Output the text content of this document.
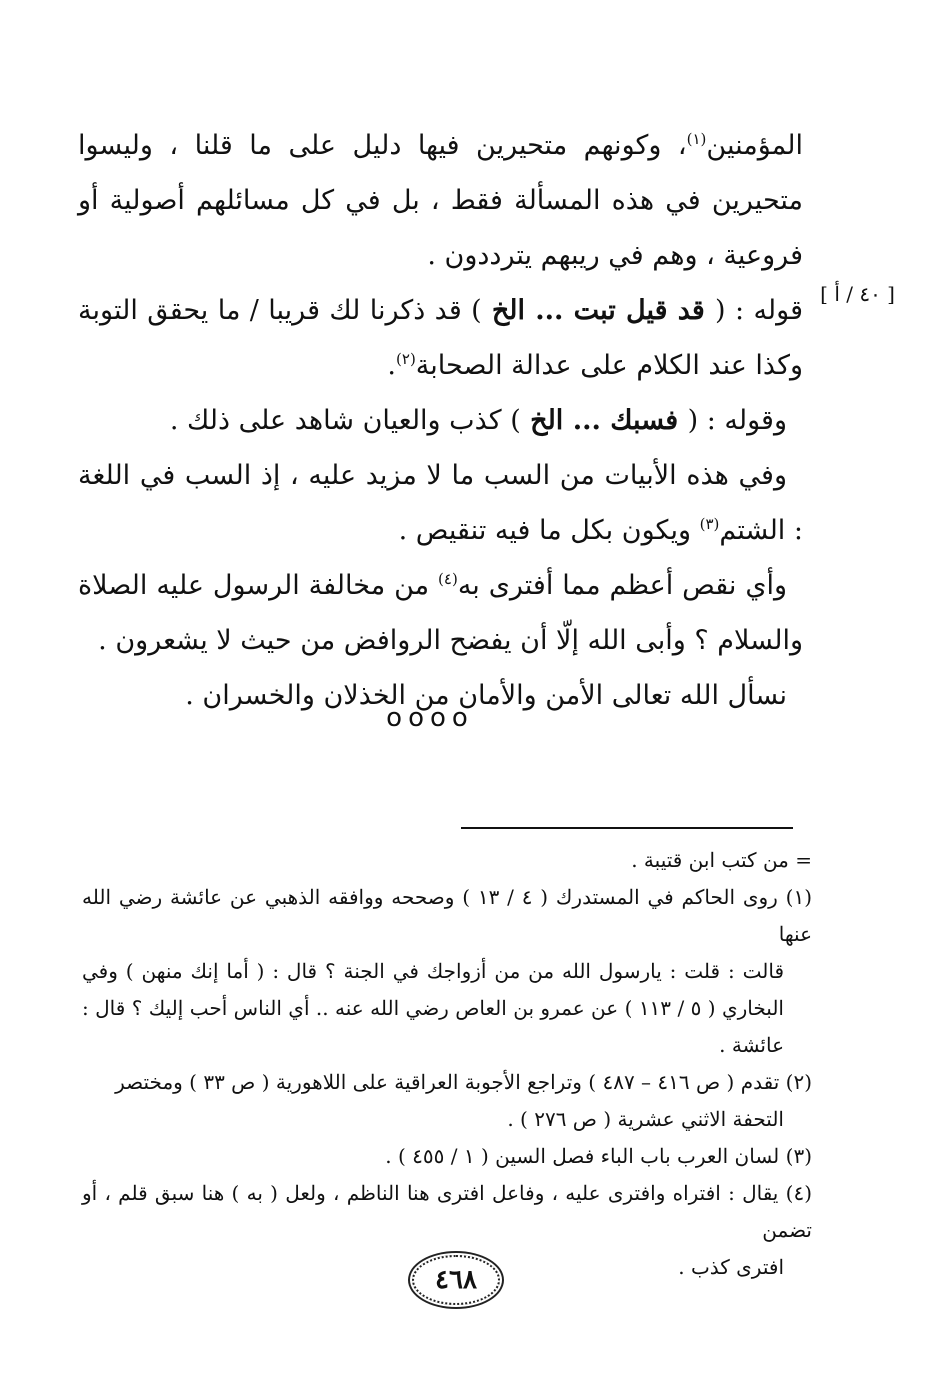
[ ٤٠ / أ ]

المؤمنين$^{(١)}$، وكونهم متحيرين فيها دليل على ما قلنا ، وليسوا متحيرين في هذه المسألة فقط ، بل في كل مسائلهم أصولية أو فروعية ، وهم في ريبهم يترددون .

قوله : ( قد قيل تبت ... الخ ) قد ذكرنا لك قريبا / ما يحقق التوبة وكذا عند الكلام على عدالة الصحابة$^{(٢)}$.

وقوله : ( فسبك ... الخ ) كذب والعيان شاهد على ذلك .

وفي هذه الأبيات من السب ما لا مزيد عليه ، إذ السب في اللغة : الشتم$^{(٣)}$ ويكون بكل ما فيه تنقيص .

وأي نقص أعظم مما أفترى به$^{(٤)}$ من مخالفة الرسول عليه الصلاة والسلام ؟ وأبى الله إلّا أن يفضح الروافض من حيث لا يشعرون .

نسأل الله تعالى الأمن والأمان من الخذلان والخسران .

oooo
= من كتب ابن قتيبة .
(١) روى الحاكم في المستدرك ( ٤ / ١٣ ) وصححه ووافقه الذهبي عن عائشة رضي الله عنها
قالت : قلت : يارسول الله من من أزواجك في الجنة ؟ قال : ( أما إنك منهن ) وفي البخاري ( ٥ / ١١٣ ) عن عمرو بن العاص رضي الله عنه .. أي الناس أحب إليك ؟ قال : عائشة .
(٢) تقدم ( ص ٤١٦ – ٤٨٧ ) وتراجع الأجوبة العراقية على اللاهورية ( ص ٣٣ ) ومختصر
التحفة الاثني عشرية ( ص ٢٧٦ ) .
(٣) لسان العرب باب الباء فصل السين ( ١ / ٤٥٥ ) .
(٤) يقال : افتراه وافترى عليه ، وفاعل افترى هنا الناظم ، ولعل ( به ) هنا سبق قلم ، أو تضمن
افترى كذب .
٤٦٨
